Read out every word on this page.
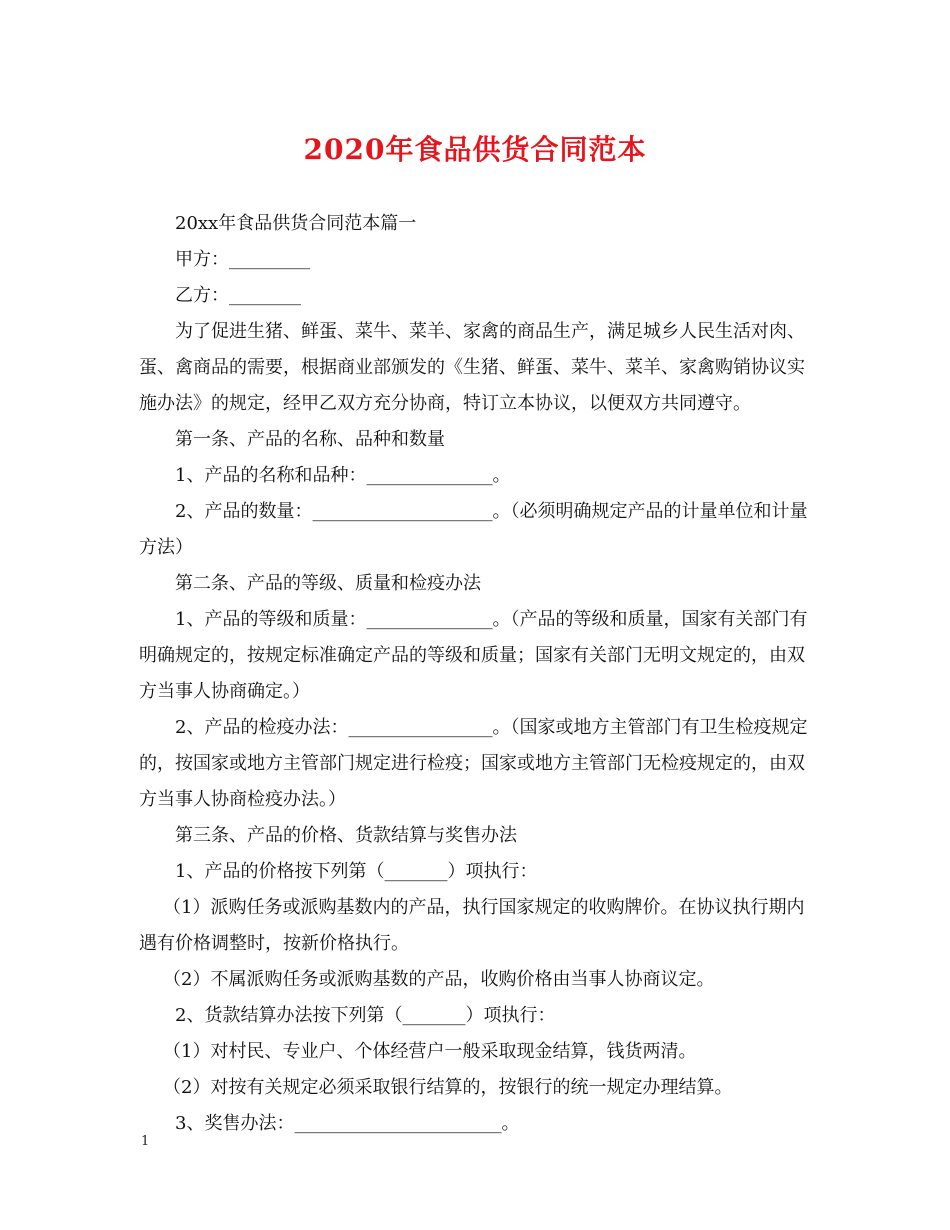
2020年食品供货合同范本

20xx年食品供货合同范本篇一

甲方：_________

乙方：________

为了促进生猪、鲜蛋、菜牛、菜羊、家禽的商品生产，满足城乡人民生活对肉、蛋、禽商品的需要，根据商业部颁发的《生猪、鲜蛋、菜牛、菜羊、家禽购销协议实施办法》的规定，经甲乙双方充分协商，特订立本协议，以便双方共同遵守。

第一条、产品的名称、品种和数量

1、产品的名称和品种：______________。

2、产品的数量：____________________。（必须明确规定产品的计量单位和计量方法）

第二条、产品的等级、质量和检疫办法

1、产品的等级和质量：______________。（产品的等级和质量，国家有关部门有明确规定的，按规定标准确定产品的等级和质量；国家有关部门无明文规定的，由双方当事人协商确定。）

2、产品的检疫办法：________________。（国家或地方主管部门有卫生检疫规定的，按国家或地方主管部门规定进行检疫；国家或地方主管部门无检疫规定的，由双方当事人协商检疫办法。）

第三条、产品的价格、货款结算与奖售办法

1、产品的价格按下列第（_______）项执行：

（1）派购任务或派购基数内的产品，执行国家规定的收购牌价。在协议执行期内遇有价格调整时，按新价格执行。

（2）不属派购任务或派购基数的产品，收购价格由当事人协商议定。

2、货款结算办法按下列第（_______）项执行：

（1）对村民、专业户、个体经营户一般采取现金结算，钱货两清。

（2）对按有关规定必须采取银行结算的，按银行的统一规定办理结算。

3、奖售办法：_______________________。

1
